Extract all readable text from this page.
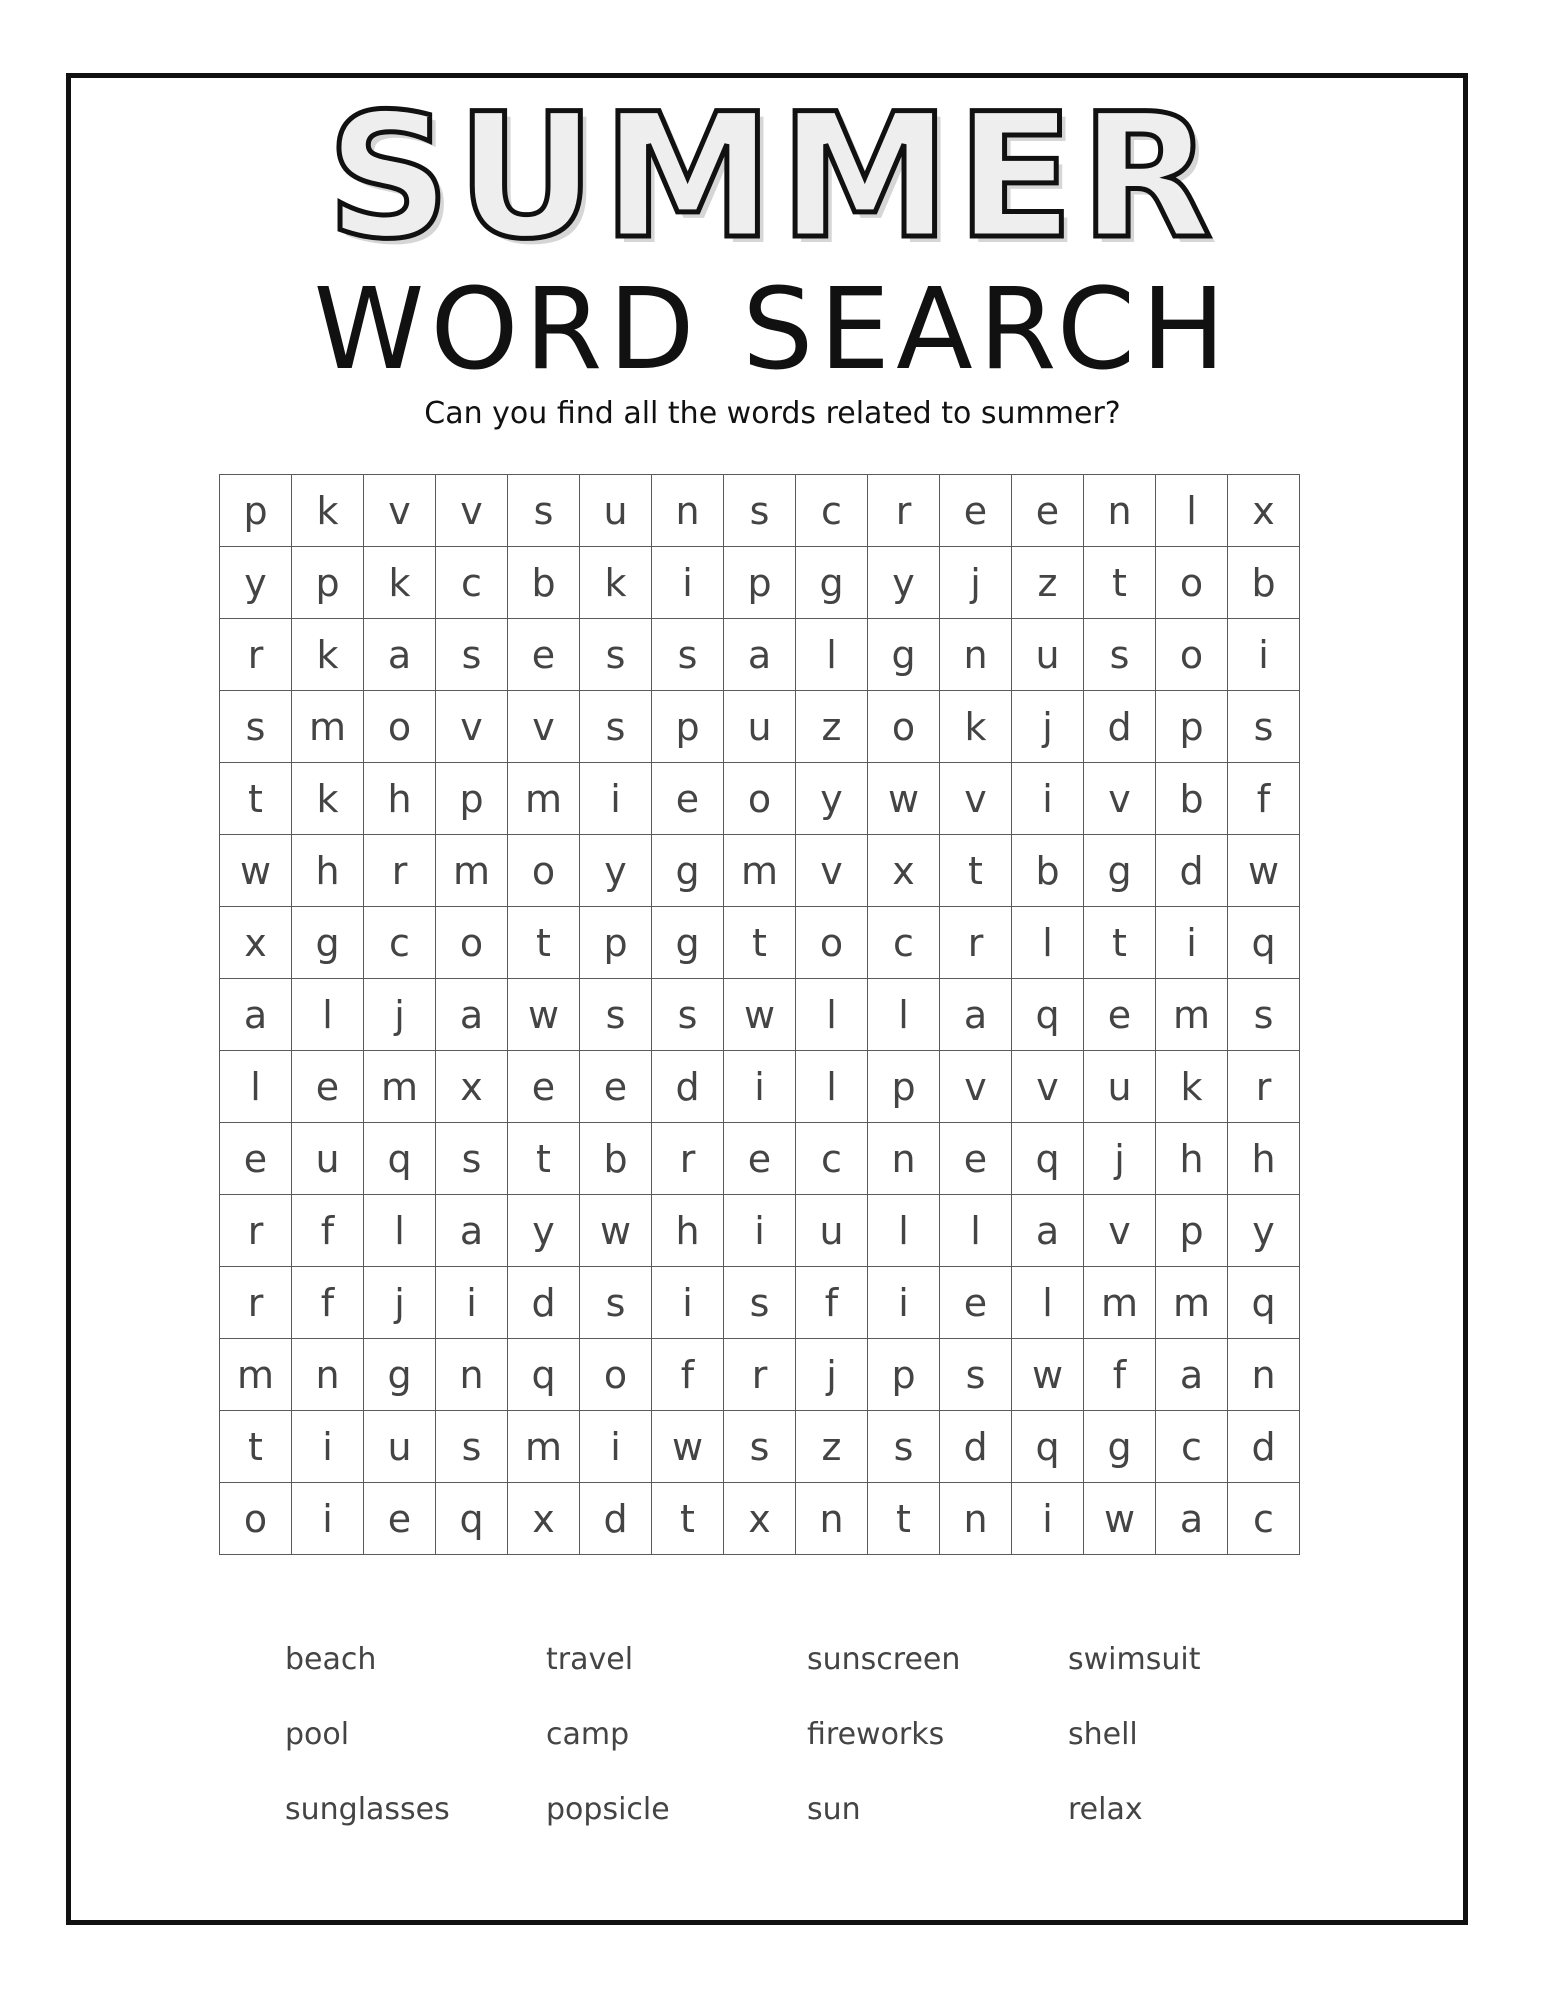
SUMMER
WORD SEARCH
Can you find all the words related to summer?
p	k	v	v	s	u	n	s	c	r	e	e	n	l	x
y	p	k	c	b	k	i	p	g	y	j	z	t	o	b
r	k	a	s	e	s	s	a	l	g	n	u	s	o	i
s	m	o	v	v	s	p	u	z	o	k	j	d	p	s
t	k	h	p	m	i	e	o	y	w	v	i	v	b	f
w	h	r	m	o	y	g	m	v	x	t	b	g	d	w
x	g	c	o	t	p	g	t	o	c	r	l	t	i	q
a	l	j	a	w	s	s	w	l	l	a	q	e	m	s
l	e	m	x	e	e	d	i	l	p	v	v	u	k	r
e	u	q	s	t	b	r	e	c	n	e	q	j	h	h
r	f	l	a	y	w	h	i	u	l	l	a	v	p	y
r	f	j	i	d	s	i	s	f	i	e	l	m	m	q
m	n	g	n	q	o	f	r	j	p	s	w	f	a	n
t	i	u	s	m	i	w	s	z	s	d	q	g	c	d
o	i	e	q	x	d	t	x	n	t	n	i	w	a	c
beach	travel	sunscreen	swimsuit
pool	camp	fireworks	shell
sunglasses	popsicle	sun	relax
